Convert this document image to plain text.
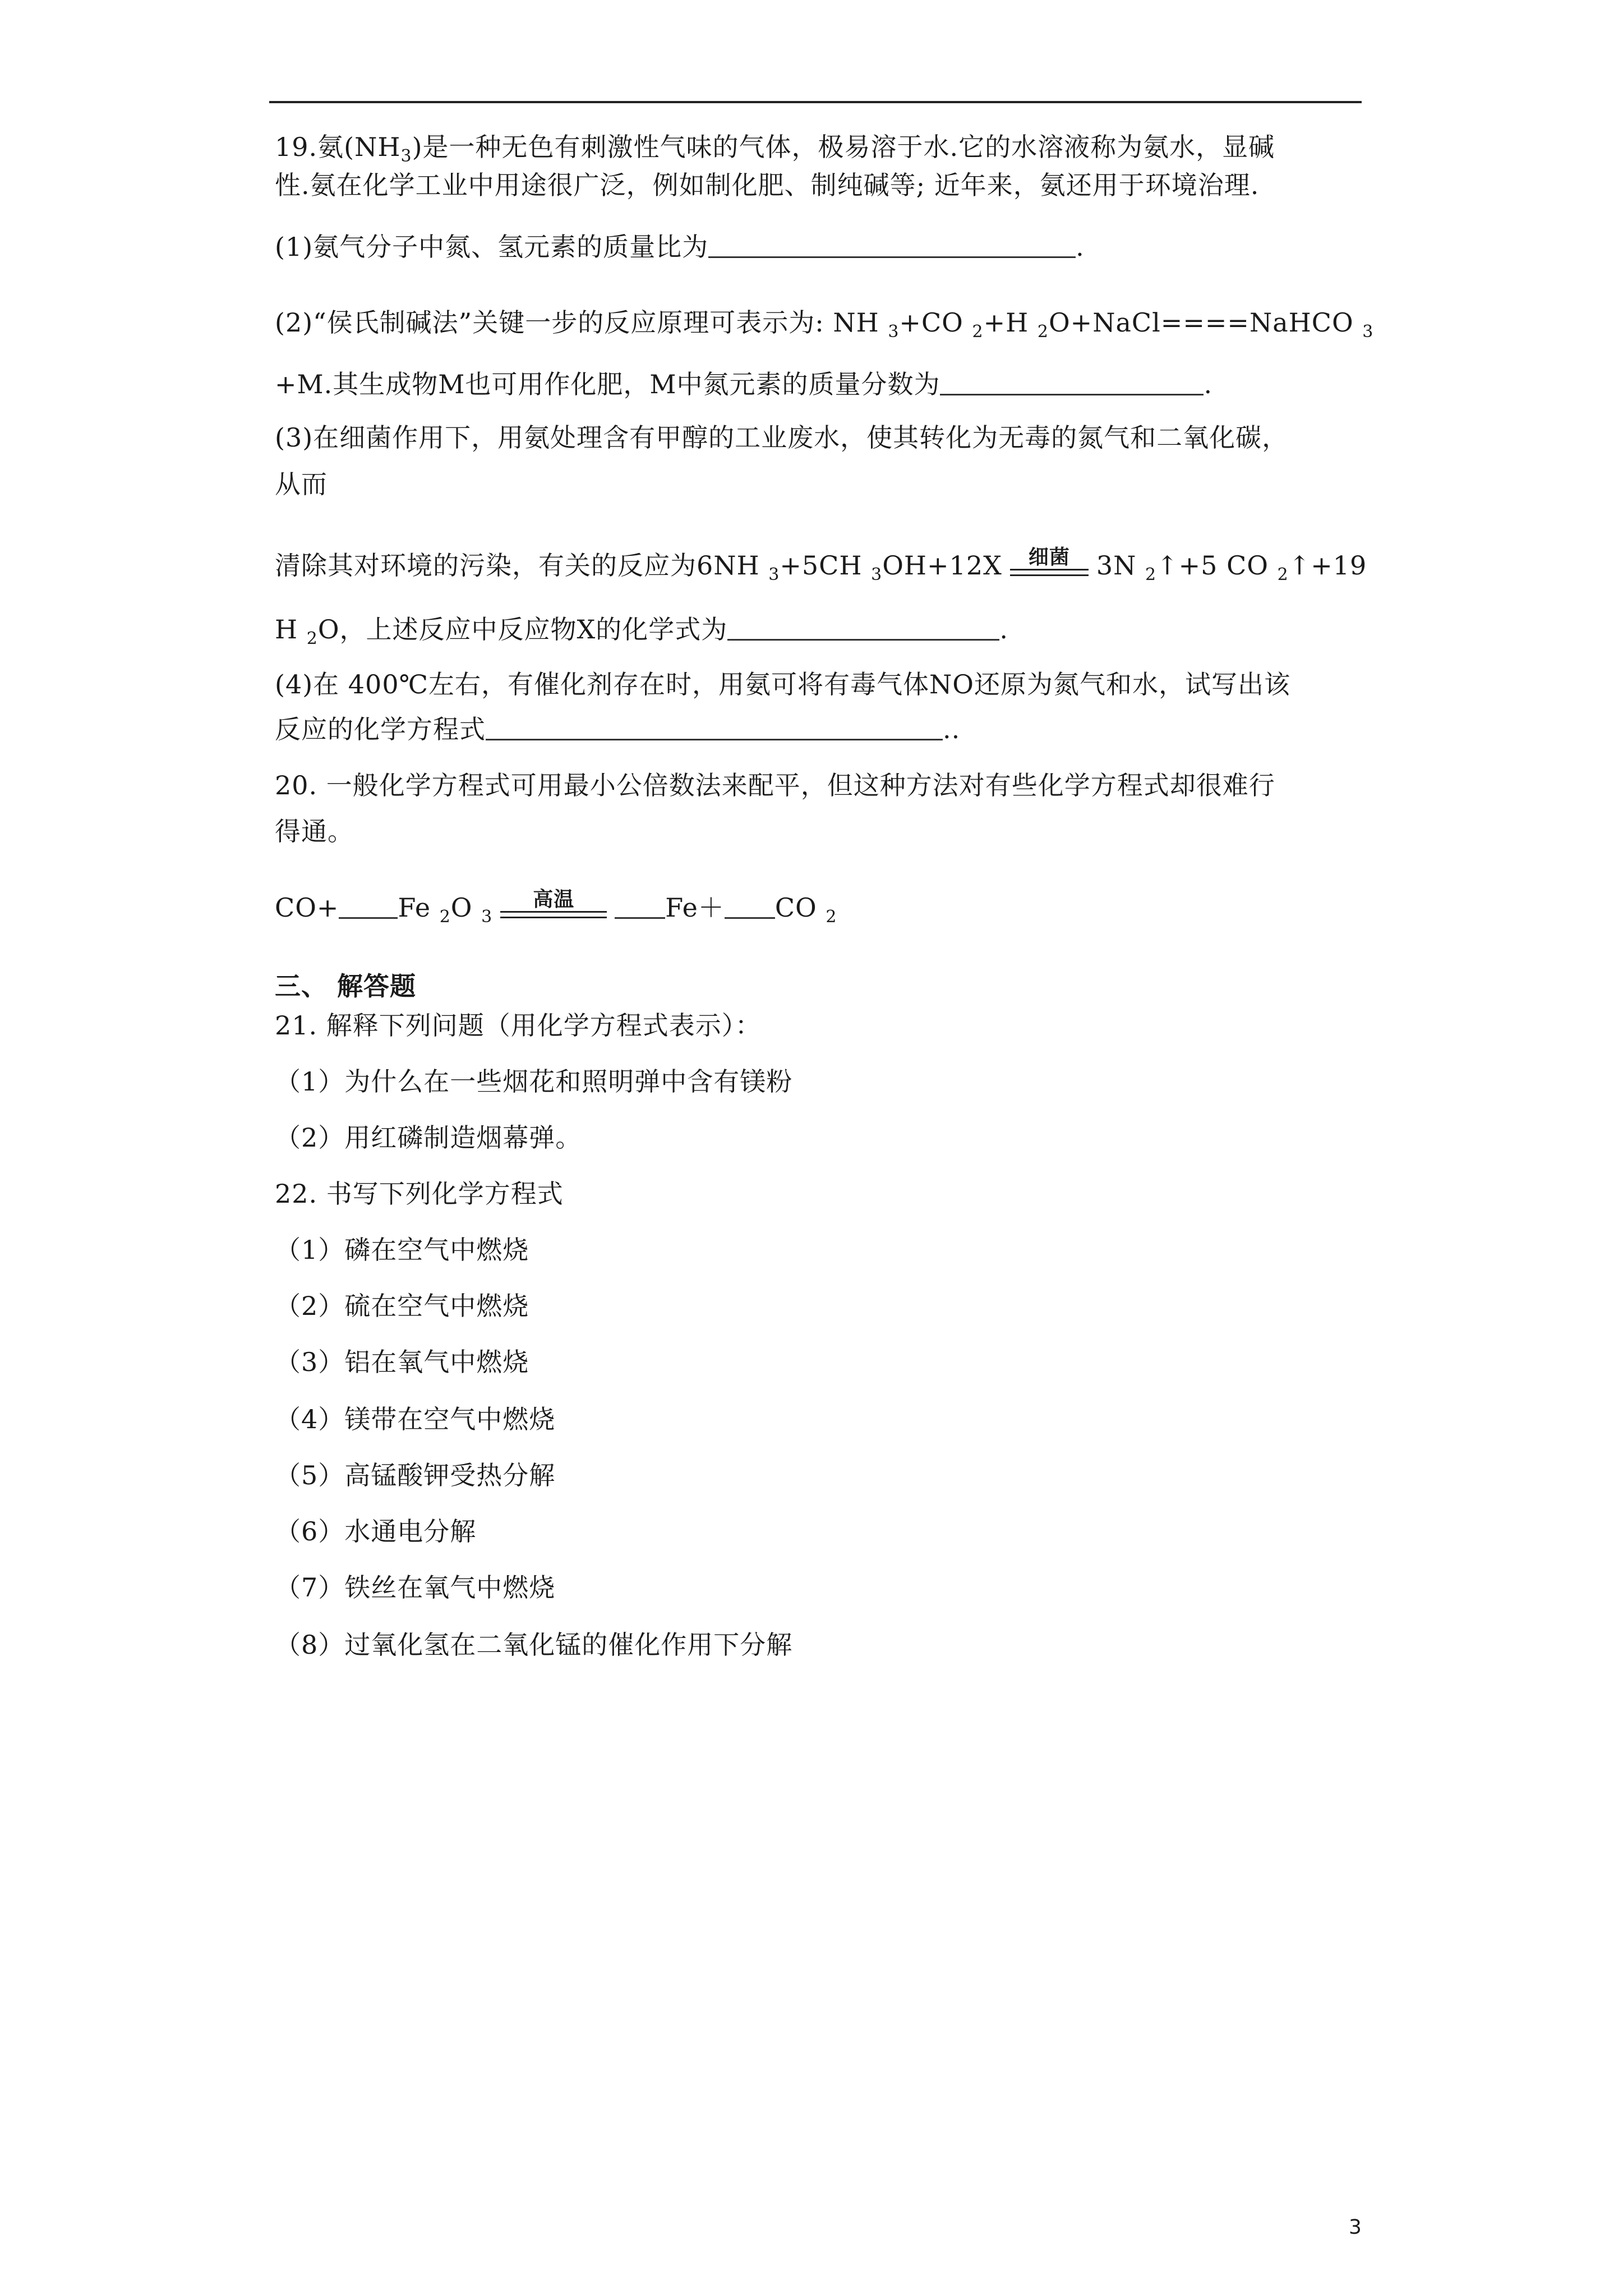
19.氨$(NH_3)$是一种无色有刺激性气味的气体，极易溶于水.它的水溶液称为氨水，显碱
性.氨在化学工业中用途很广泛，例如制化肥、制纯碱等; 近年来，氨还用于环境治理.
(1)氨气分子中氮、氢元素的质量比为	.
(2)“侯氏制碱法”关键一步的反应原理可表示为: NH $_3$+CO $_2$+H $_2$O+NaCl====NaHCO $_3$
+M.其生成物M也可用作化肥，M中氮元素的质量分数为	.
(3)在细菌作用下，用氨处理含有甲醇的工业废水，使其转化为无毒的氮气和二氧化碳，
从而
清除其对环境的污染，有关的反应为6NH $_3$+5CH $_3$OH+12X	细菌	3N $_2$↑+5 CO $_2$↑+19
H $_2$O，上述反应中反应物X的化学式为	.
(4)在 400℃左右，有催化剂存在时，用氨可将有毒气体NO还原为氮气和水，试写出该
反应的化学方程式	..
20. 一般化学方程式可用最小公倍数法来配平，但这种方法对有些化学方程式却很难行
得通。
CO+ Fe $_2$O $_3$
高温	Fe＋ CO $_2$
三、 解答题
21. 解释下列问题（用化学方程式表示）：
（1）为什么在一些烟花和照明弹中含有镁粉
（2）用红磷制造烟幕弹。
22. 书写下列化学方程式
（1）磷在空气中燃烧
（2）硫在空气中燃烧
（3）铝在氧气中燃烧
（4）镁带在空气中燃烧
（5）高锰酸钾受热分解
（6）水通电分解
（7）铁丝在氧气中燃烧
（8）过氧化氢在二氧化锰的催化作用下分解
3
